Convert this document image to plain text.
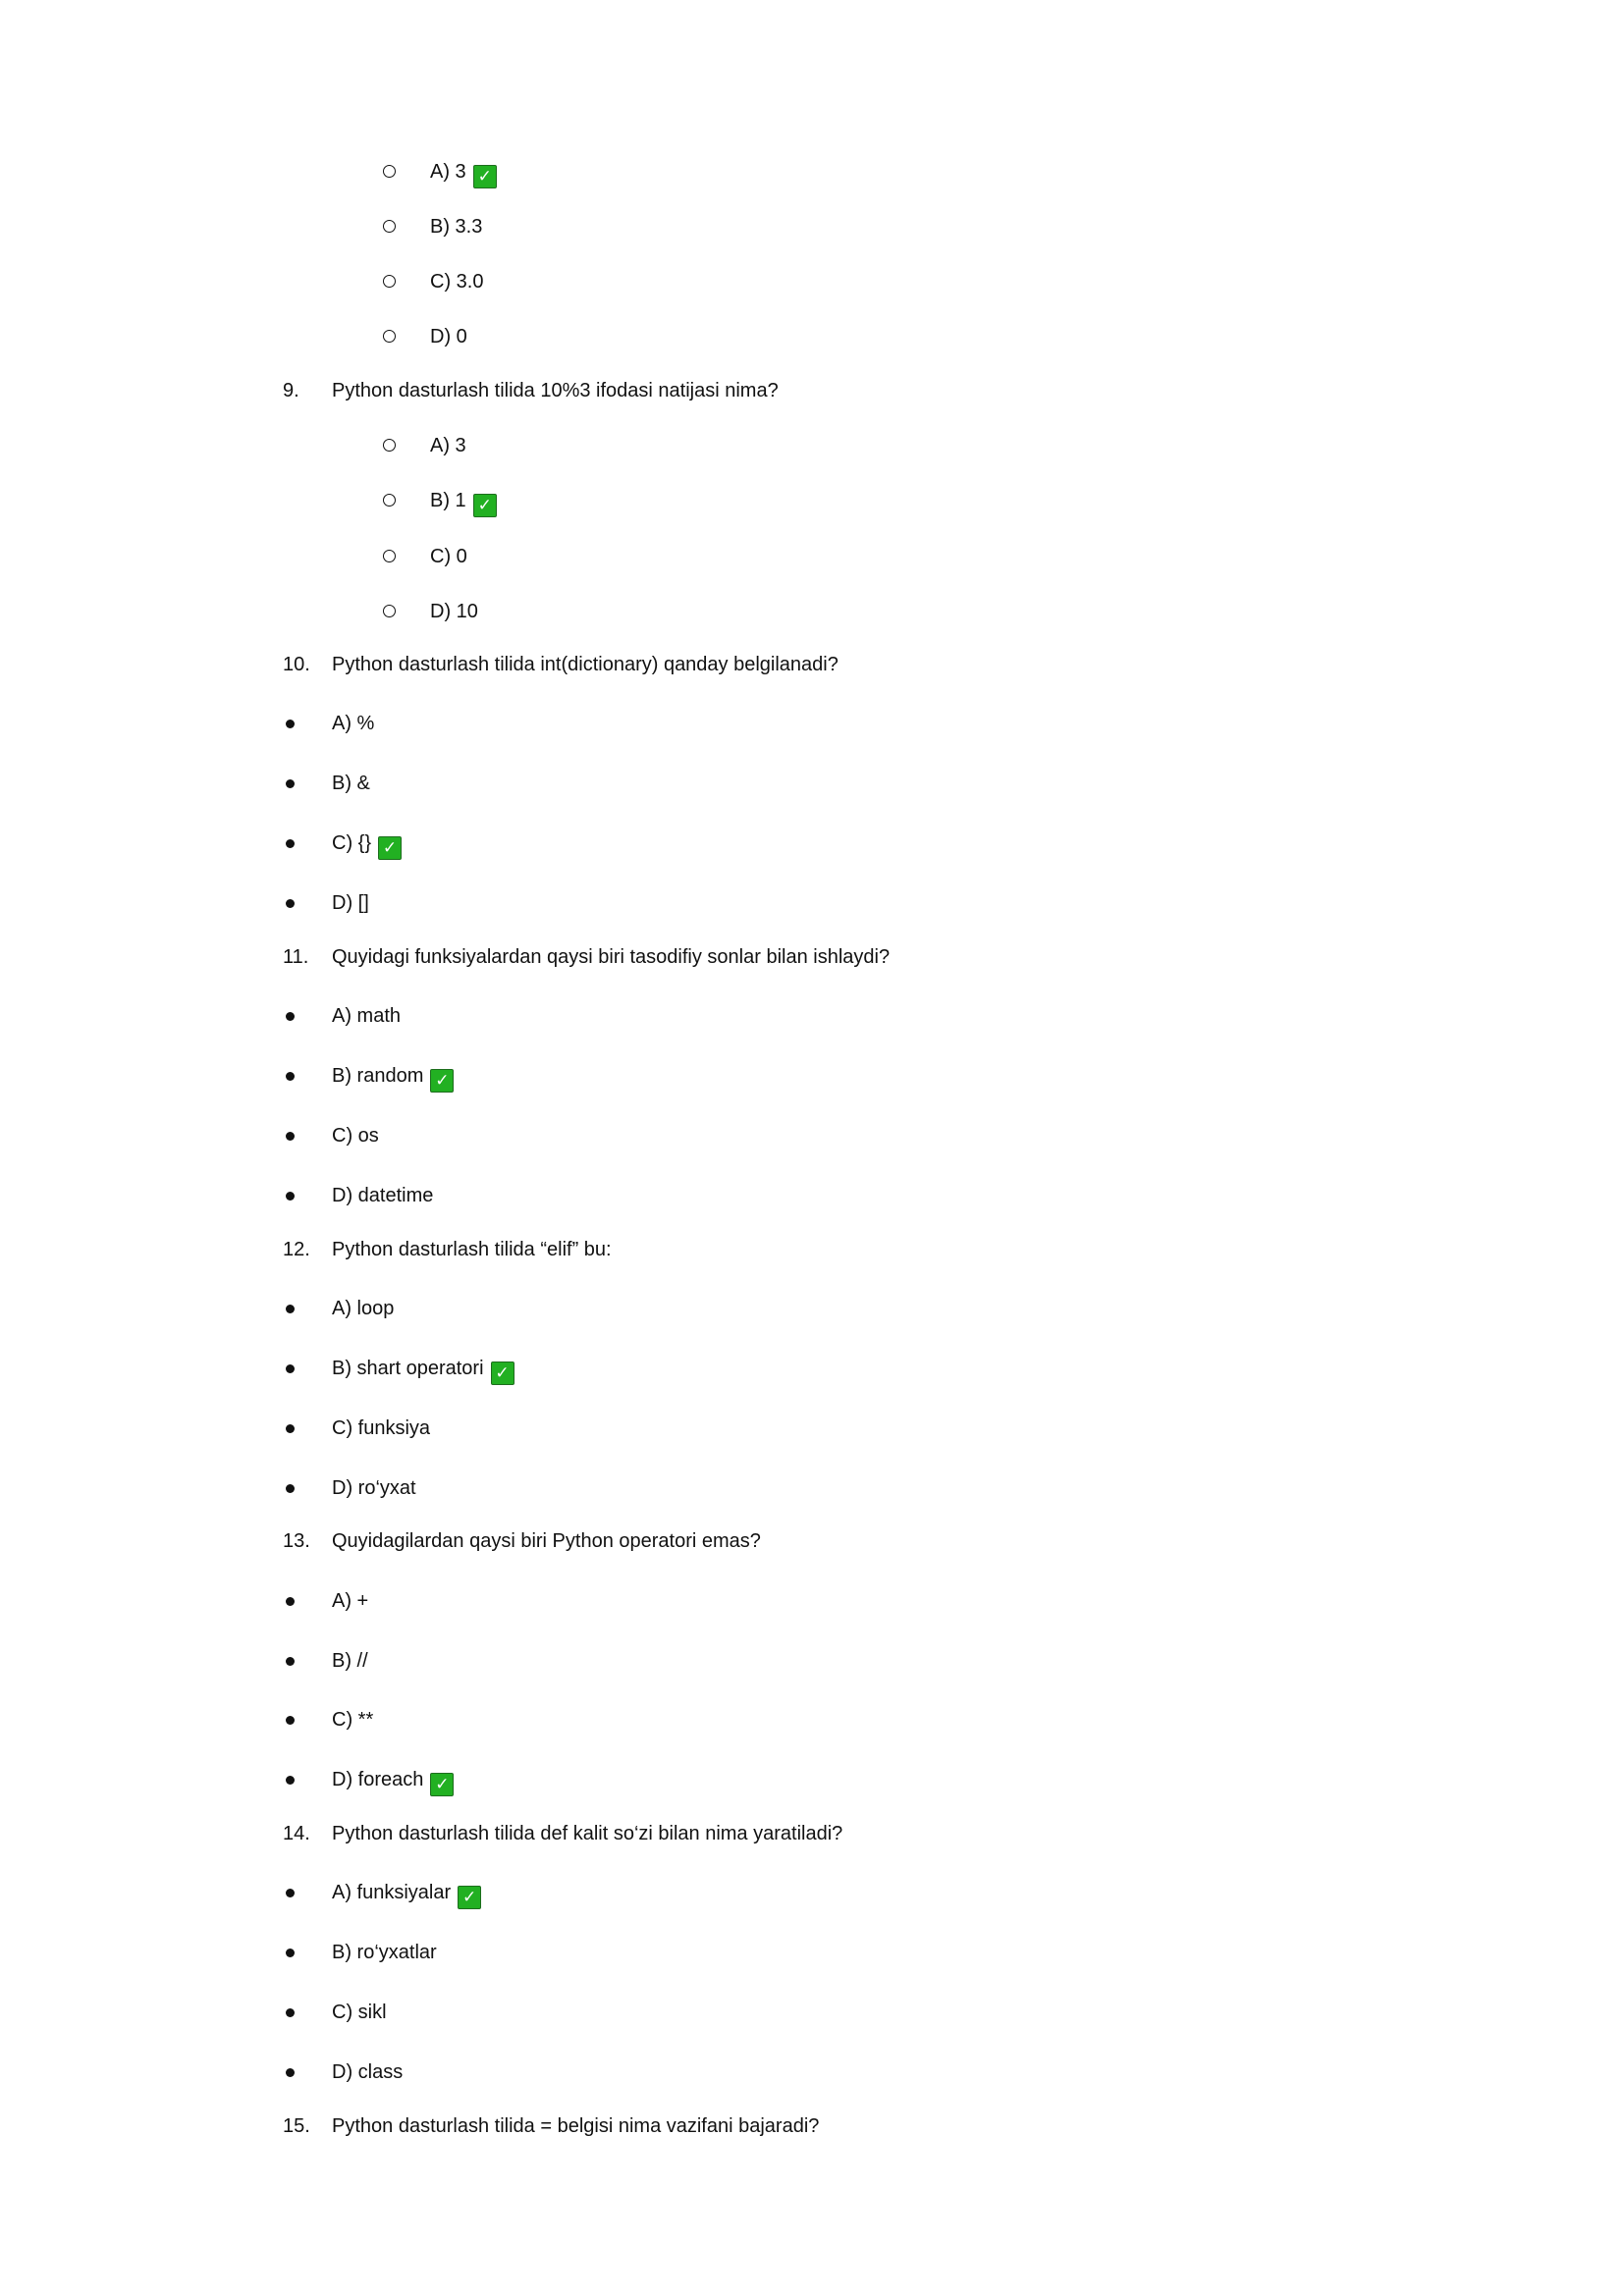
A) 3 ✓
B) 3.3
C) 3.0
D) 0
9.	Python dasturlash tilida 10%3 ifodasi natijasi nima?
A) 3
B) 1 ✓
C) 0
D) 10
10.	Python dasturlash tilida int(dictionary) qanday belgilanadi?
A) %
B) &
C) {} ✓
D) []
11.	Quyidagi funksiyalardan qaysi biri tasodifiy sonlar bilan ishlaydi?
A) math
B) random ✓
C) os
D) datetime
12.	Python dasturlash tilida “elif” bu:
A) loop
B) shart operatori ✓
C) funksiya
D) ro‘yxat
13.	Quyidagilardan qaysi biri Python operatori emas?
A) +
B) //
C) **
D) foreach ✓
14.	Python dasturlash tilida def kalit so‘zi bilan nima yaratiladi?
A) funksiyalar ✓
B) ro‘yxatlar
C) sikl
D) class
15.	Python dasturlash tilida = belgisi nima vazifani bajaradi?
